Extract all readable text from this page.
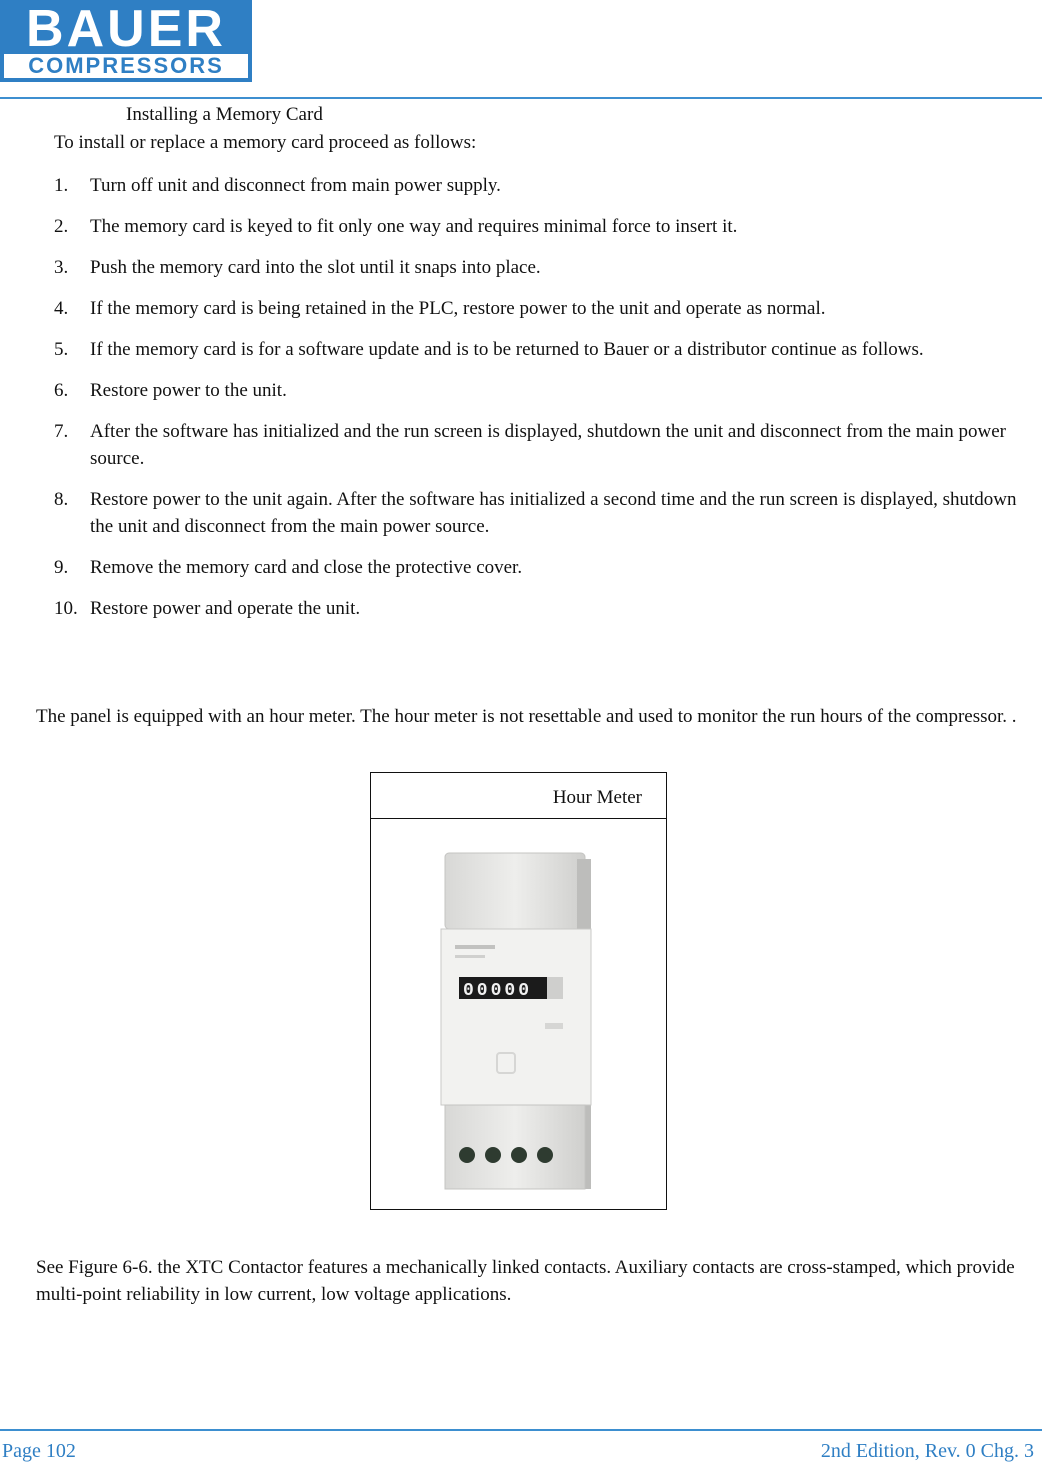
BAUER
COMPRESSORS
Installing a Memory Card
To install or replace a memory card proceed as follows:
1. Turn off unit and disconnect from main power supply.
2. The memory card is keyed to fit only one way and requires minimal force to insert it.
3. Push the memory card into the slot until it snaps into place.
4. If the memory card is being retained in the PLC, restore power to the unit and operate as normal.
5. If the memory card is for a software update and is to be returned to Bauer or a distributor continue as follows.
6. Restore power to the unit.
7. After the software has initialized and the run screen is displayed, shutdown the unit and disconnect from the main power source.
8. Restore power to the unit again. After the software has initialized a second time and the run screen is displayed, shutdown the unit and disconnect from the main power source.
9. Remove the memory card and close the protective cover.
10. Restore power and operate the unit.

The panel is equipped with an hour meter. The hour meter is not resettable and used to monitor the run hours of the compressor. .

Hour Meter
00000

See Figure 6-6. the XTC Contactor features a mechanically linked contacts. Auxiliary contacts are cross-stamped, which provide multi-point reliability in low current, low voltage applications.

Page 102	2nd Edition, Rev. 0 Chg. 3
